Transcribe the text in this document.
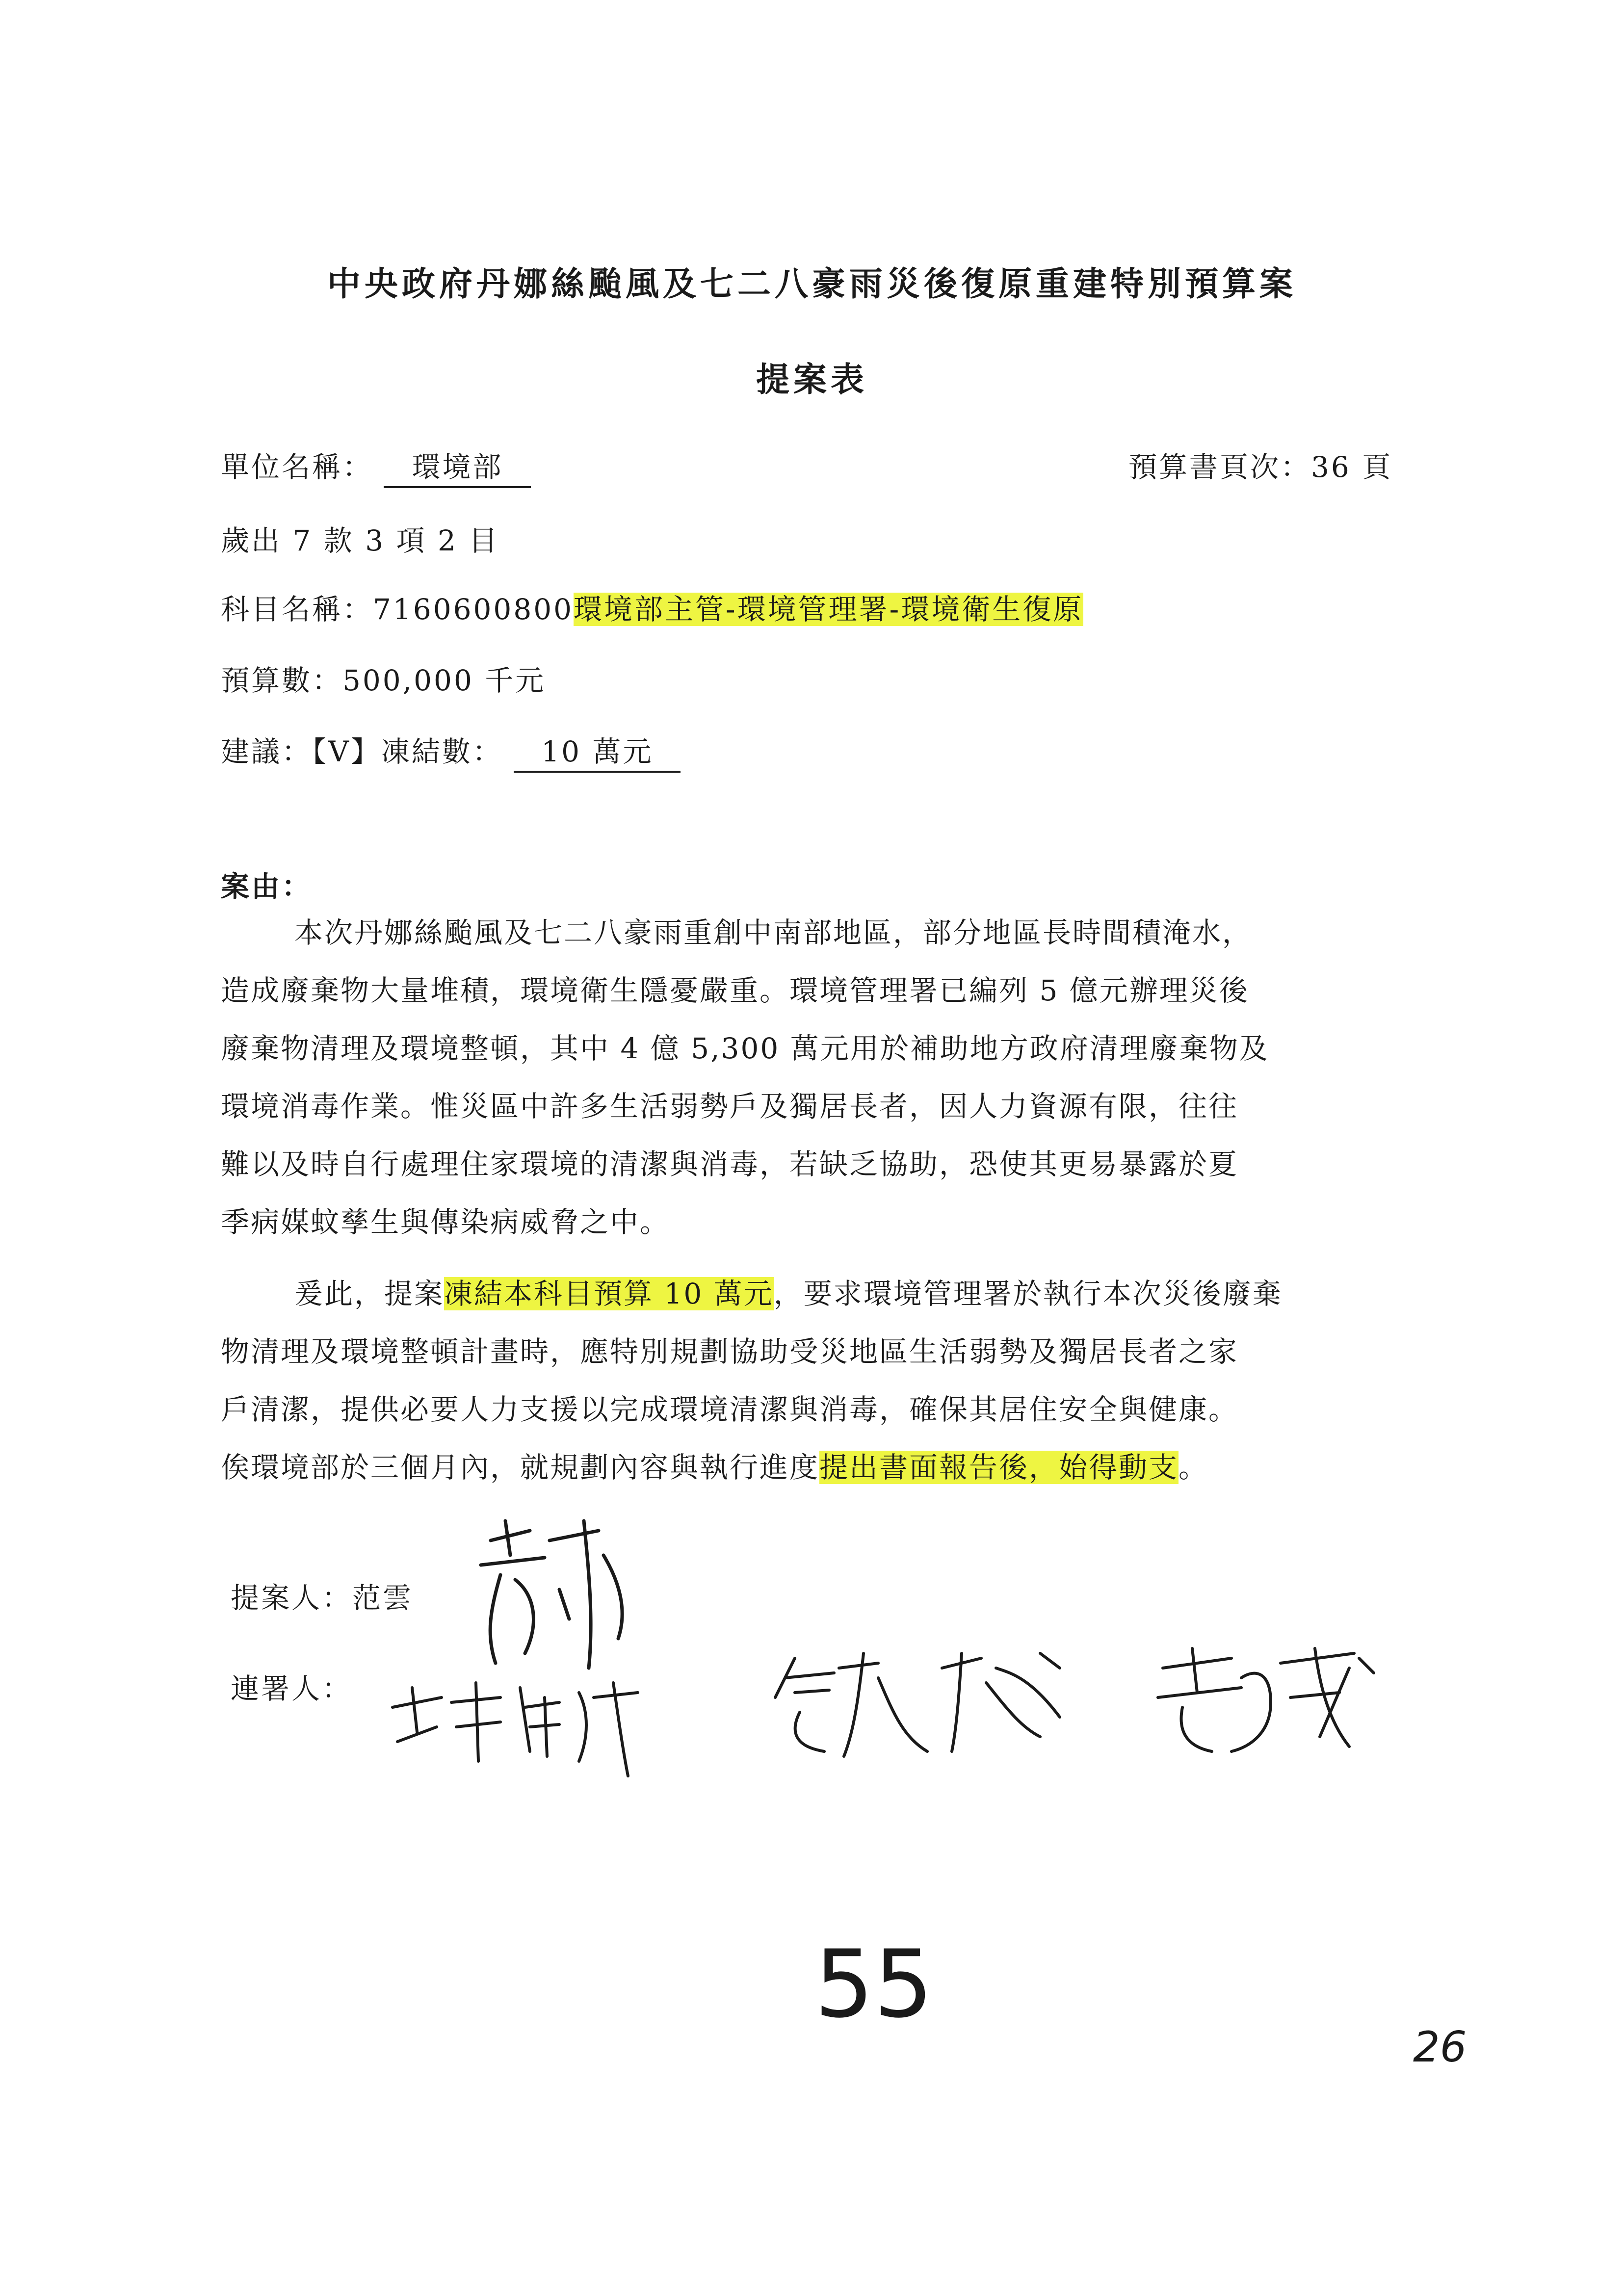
中央政府丹娜絲颱風及七二八豪雨災後復原重建特別預算案
提案表
單位名稱： 環境部	預算書頁次：36 頁
歲出 7 款 3 項 2 目
科目名稱：7160600800環境部主管-環境管理署-環境衛生復原
預算數：500,000 千元
建議：【V】凍結數： 10 萬元
案由：
本次丹娜絲颱風及七二八豪雨重創中南部地區，部分地區長時間積淹水，
造成廢棄物大量堆積，環境衛生隱憂嚴重。環境管理署已編列 5 億元辦理災後
廢棄物清理及環境整頓，其中 4 億 5,300 萬元用於補助地方政府清理廢棄物及
環境消毒作業。惟災區中許多生活弱勢戶及獨居長者，因人力資源有限，往往
難以及時自行處理住家環境的清潔與消毒，若缺乏協助，恐使其更易暴露於夏
季病媒蚊孳生與傳染病威脅之中。
爰此，提案凍結本科目預算 10 萬元，要求環境管理署於執行本次災後廢棄
物清理及環境整頓計畫時，應特別規劃協助受災地區生活弱勢及獨居長者之家
戶清潔，提供必要人力支援以完成環境清潔與消毒，確保其居住安全與健康。
俟環境部於三個月內，就規劃內容與執行進度提出書面報告後，始得動支。
提案人：范雲
連署人：
55
26
